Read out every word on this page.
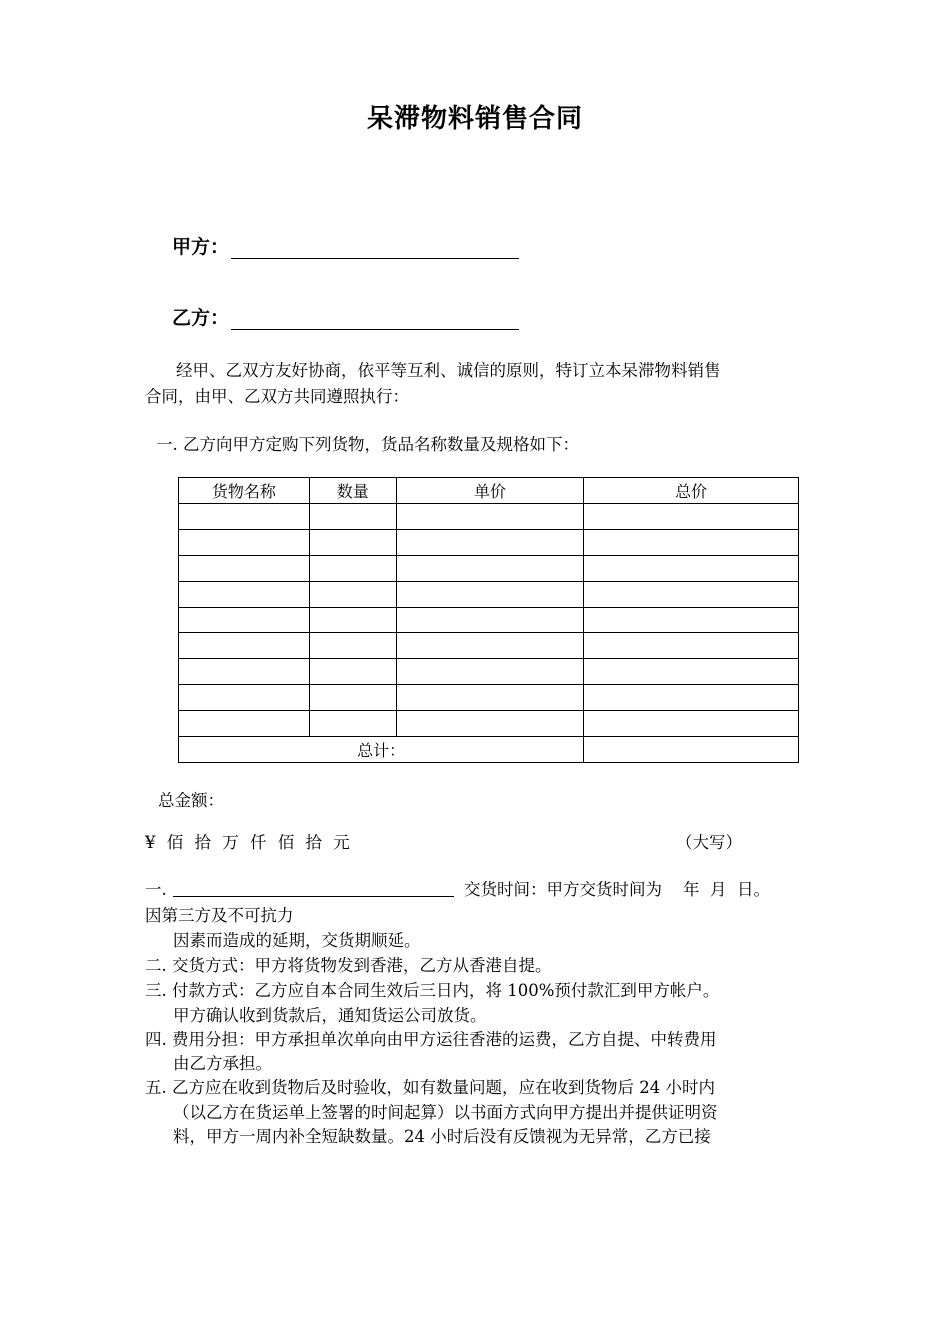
呆滞物料销售合同
甲方：
乙方：
经甲、乙双方友好协商，依平等互利、诚信的原则，特订立本呆滞物料销售
合同，由甲、乙双方共同遵照执行：
一. 乙方向甲方定购下列货物，货品名称数量及规格如下：
货物名称	数量	单价	总价

总计：			
总金额：
¥ 佰 拾 万 仟 佰 拾 元	（大写）
一.	交货时间：甲方交货时间为    年  月  日。
因第三方及不可抗力
因素而造成的延期，交货期顺延。
二. 交货方式：甲方将货物发到香港，乙方从香港自提。
三. 付款方式：乙方应自本合同生效后三日内，将 100%预付款汇到甲方帐户。
甲方确认收到货款后，通知货运公司放货。
四. 费用分担：甲方承担单次单向由甲方运往香港的运费，乙方自提、中转费用
由乙方承担。
五. 乙方应在收到货物后及时验收，如有数量问题，应在收到货物后 24 小时内
（以乙方在货运单上签署的时间起算）以书面方式向甲方提出并提供证明资
料，甲方一周内补全短缺数量。24 小时后没有反馈视为无异常，乙方已接
